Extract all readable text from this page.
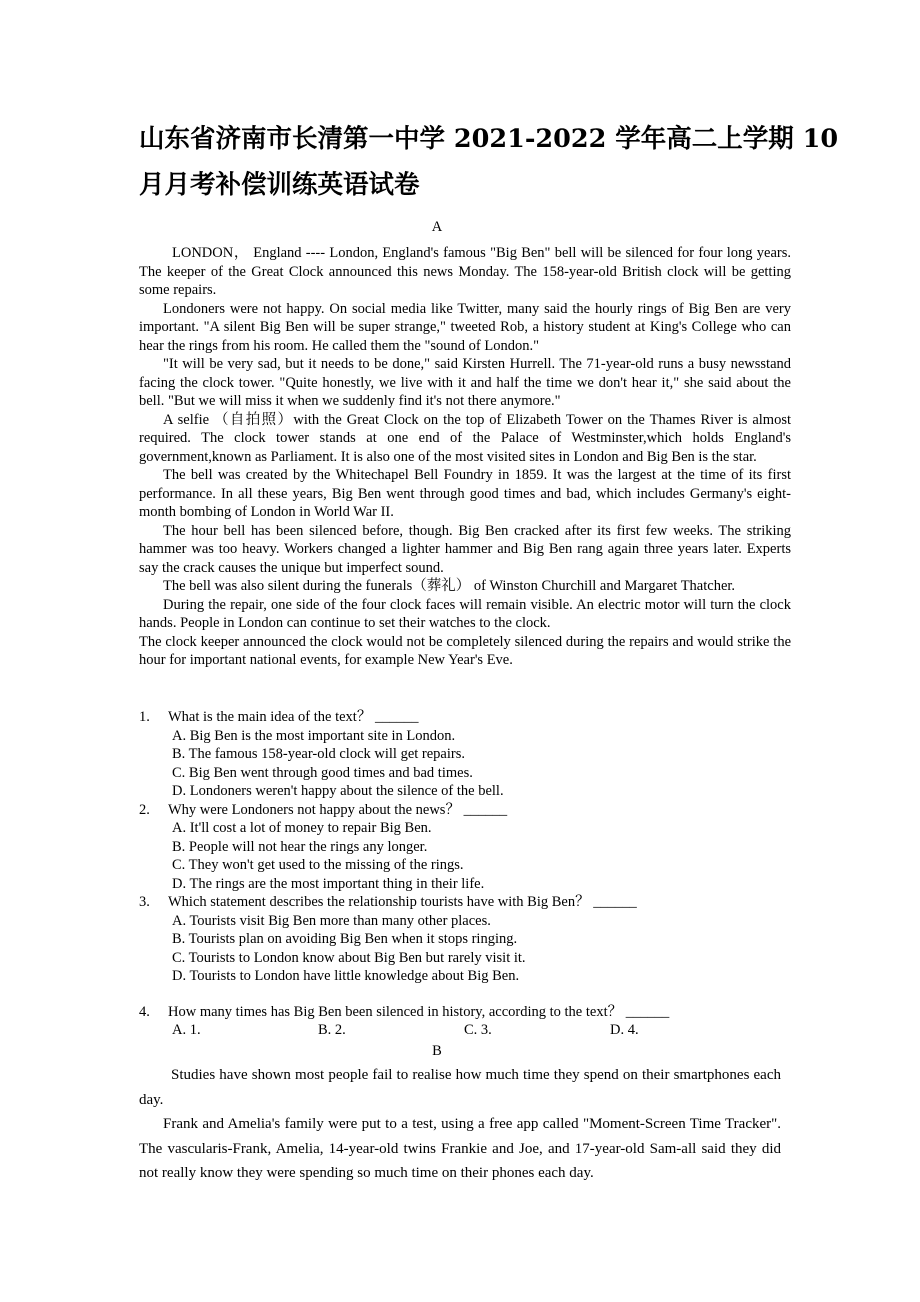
山东省济南市长清第一中学 2021-2022 学年高二上学期 10
月月考补偿训练英语试卷
A

LONDON， England ---- London, England's famous "Big Ben" bell will be silenced for four long years. The keeper of the Great Clock announced this news Monday. The 158-year-old British clock will be getting some repairs.

Londoners were not happy. On social media like Twitter, many said the hourly rings of Big Ben are very important. "A silent Big Ben will be super strange," tweeted Rob, a history student at King's College who can hear the rings from his room. He called them the "sound of London."

"It will be very sad, but it needs to be done," said Kirsten Hurrell. The 71-year-old runs a busy newsstand facing the clock tower. "Quite honestly, we live with it and half the time we don't hear it," she said about the bell. "But we will miss it when we suddenly find it's not there anymore."

A selfie （自拍照）with the Great Clock on the top of Elizabeth Tower on the Thames River is almost required. The clock tower stands at one end of the Palace of Westminster,which holds England's government,known as Parliament. It is also one of the most visited sites in London and Big Ben is the star.

The bell was created by the Whitechapel Bell Foundry in 1859. It was the largest at the time of its first performance. In all these years, Big Ben went through good times and bad, which includes Germany's eight-month bombing of London in World War II.

The hour bell has been silenced before, though. Big Ben cracked after its first few weeks. The striking hammer was too heavy. Workers changed a lighter hammer and Big Ben rang again three years later. Experts say the crack causes the unique but imperfect sound.

The bell was also silent during the funerals（葬礼） of Winston Churchill and Margaret Thatcher.

During the repair, one side of the four clock faces will remain visible. An electric motor will turn the clock hands. People in London can continue to set their watches to the clock.

The clock keeper announced the clock would not be completely silenced during the repairs and would strike the hour for important national events, for example New Year's Eve.

1.	What is the main idea of the text？ ______
A. Big Ben is the most important site in London.
B. The famous 158-year-old clock will get repairs.
C. Big Ben went through good times and bad times.
D. Londoners weren't happy about the silence of the bell.
2.	Why were Londoners not happy about the news？ ______
A. It'll cost a lot of money to repair Big Ben.
B. People will not hear the rings any longer.
C. They won't get used to the missing of the rings.
D. The rings are the most important thing in their life.
3.	Which statement describes the relationship tourists have with Big Ben？ ______
A. Tourists visit Big Ben more than many other places.
B. Tourists plan on avoiding Big Ben when it stops ringing.
C. Tourists to London know about Big Ben but rarely visit it.
D. Tourists to London have little knowledge about Big Ben.
4.	How many times has Big Ben been silenced in history, according to the text？ ______
A. 1.	B. 2.	C. 3.	D. 4.
B

Studies have shown most people fail to realise how much time they spend on their smartphones each day.

Frank and Amelia's family were put to a test, using a free app called "Moment-Screen Time Tracker". The vascularis-Frank, Amelia, 14-year-old twins Frankie and Joe, and 17-year-old Sam-all said they did not really know they were spending so much time on their phones each day.
